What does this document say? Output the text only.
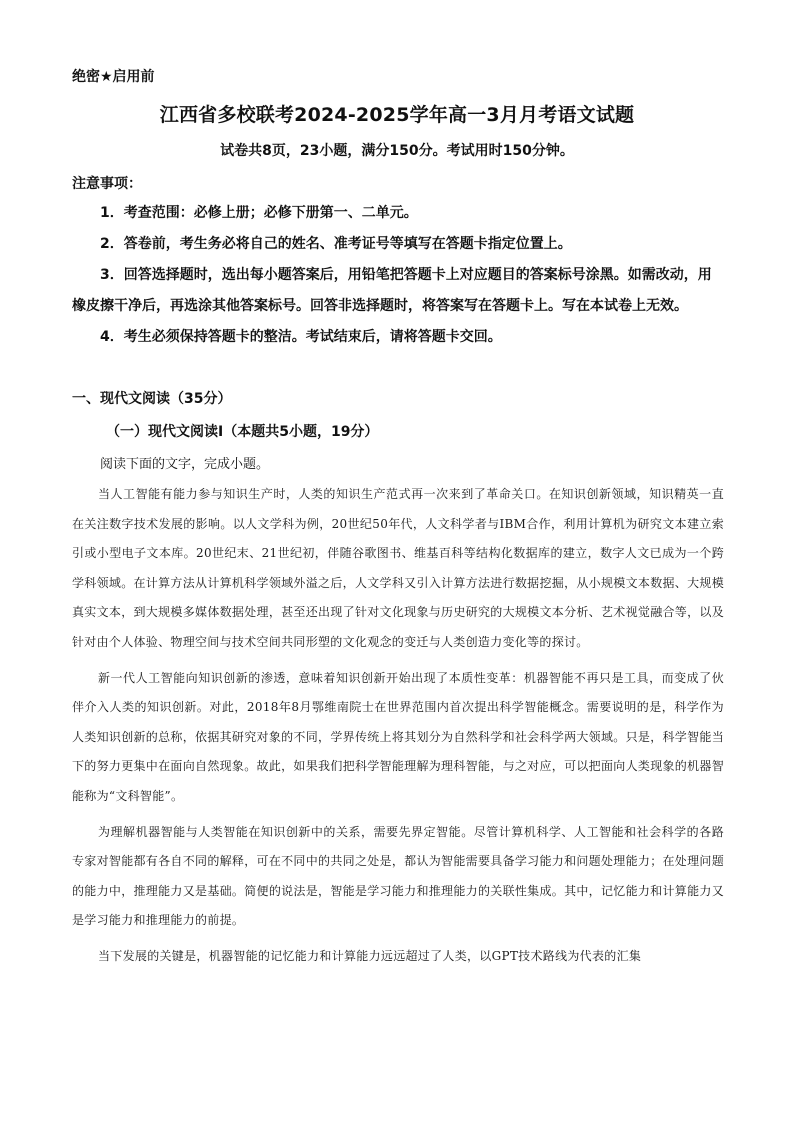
绝密★启用前
江西省多校联考2024-2025学年高一3月月考语文试题
试卷共8页，23小题，满分150分。考试用时150分钟。
注意事项：

1．考查范围：必修上册；必修下册第一、二单元。

2．答卷前，考生务必将自己的姓名、准考证号等填写在答题卡指定位置上。

3．回答选择题时，选出每小题答案后，用铅笔把答题卡上对应题目的答案标号涂黑。如需改动，用橡皮擦干净后，再选涂其他答案标号。回答非选择题时，将答案写在答题卡上。写在本试卷上无效。

4．考生必须保持答题卡的整洁。考试结束后，请将答题卡交回。

一、现代文阅读（35分）
（一）现代文阅读Ⅰ（本题共5小题，19分）
阅读下面的文字，完成小题。

当人工智能有能力参与知识生产时，人类的知识生产范式再一次来到了革命关口。在知识创新领域，知识精英一直在关注数字技术发展的影响。以人文学科为例，20世纪50年代，人文科学者与IBM合作，利用计算机为研究文本建立索引或小型电子文本库。20世纪末、21世纪初，伴随谷歌图书、维基百科等结构化数据库的建立，数字人文已成为一个跨学科领域。在计算方法从计算机科学领域外溢之后，人文学科又引入计算方法进行数据挖掘，从小规模文本数据、大规模真实文本，到大规模多媒体数据处理，甚至还出现了针对文化现象与历史研究的大规模文本分析、艺术视觉融合等，以及针对由个人体验、物理空间与技术空间共同形塑的文化观念的变迁与人类创造力变化等的探讨。

新一代人工智能向知识创新的渗透，意味着知识创新开始出现了本质性变革：机器智能不再只是工具，而变成了伙伴介入人类的知识创新。对此，2018年8月鄂维南院士在世界范围内首次提出科学智能概念。需要说明的是，科学作为人类知识创新的总称，依据其研究对象的不同，学界传统上将其划分为自然科学和社会科学两大领域。只是，科学智能当下的努力更集中在面向自然现象。故此，如果我们把科学智能理解为理科智能，与之对应，可以把面向人类现象的机器智能称为“文科智能”。

为理解机器智能与人类智能在知识创新中的关系，需要先界定智能。尽管计算机科学、人工智能和社会科学的各路专家对智能都有各自不同的解释，可在不同中的共同之处是，都认为智能需要具备学习能力和问题处理能力；在处理问题的能力中，推理能力又是基础。简便的说法是，智能是学习能力和推理能力的关联性集成。其中，记忆能力和计算能力又是学习能力和推理能力的前提。

当下发展的关键是，机器智能的记忆能力和计算能力远远超过了人类，以GPT技术路线为代表的汇集
